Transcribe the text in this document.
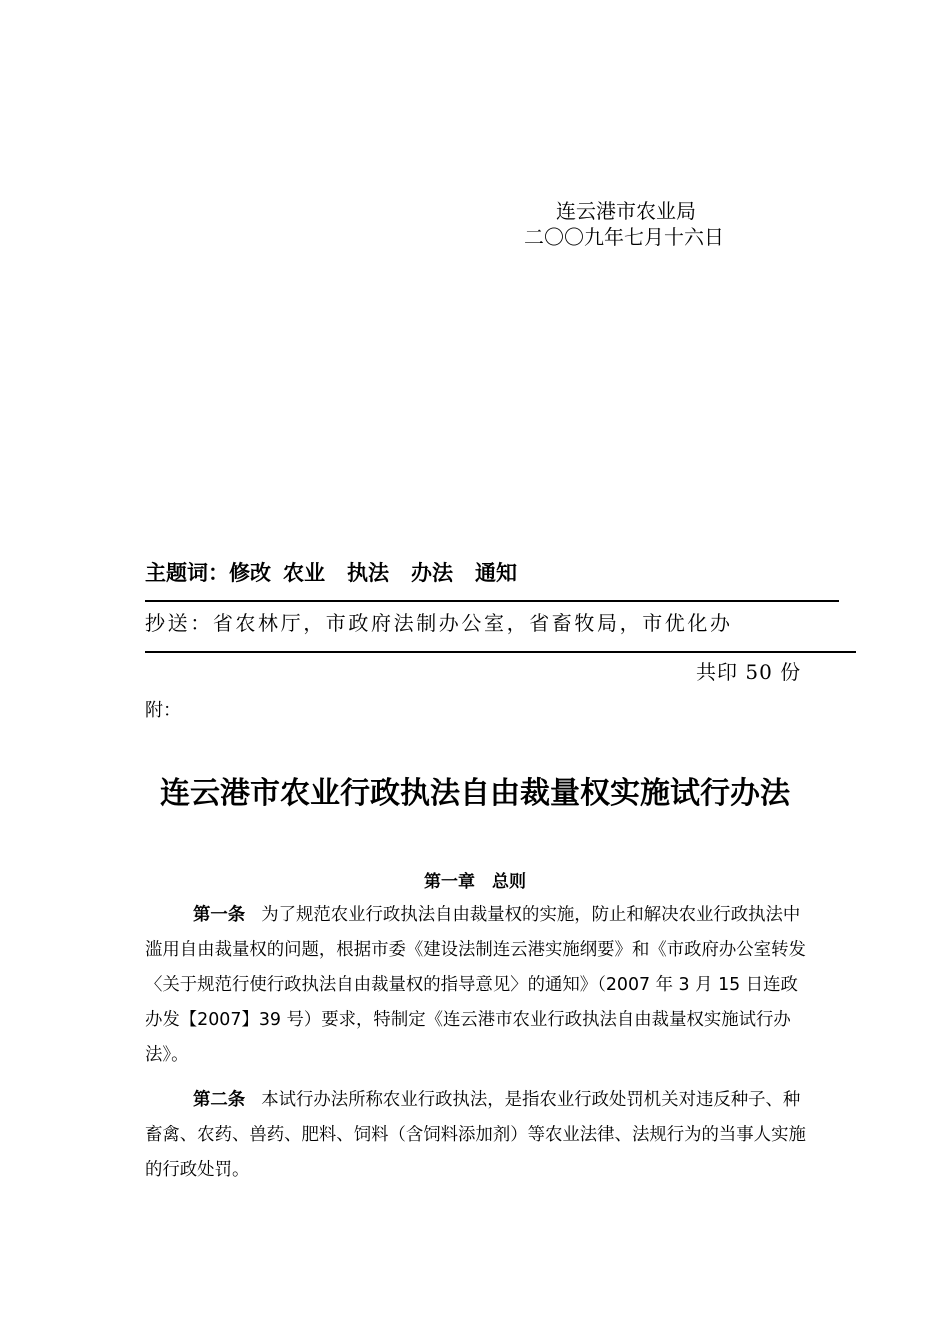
连云港市农业局
二〇〇九年七月十六日
主题词： 修改 农业 执法 办法 通知
抄送： 省农林厅，市政府法制办公室，省畜牧局，市优化办
共印 50 份
附：
连云港市农业行政执法自由裁量权实施试行办法
第一章　总则
第一条 为了规范农业行政执法自由裁量权的实施，防止和解决农业行政执法中滥用自由裁量权的问题，根据市委《建设法制连云港实施纲要》和《市政府办公室转发〈关于规范行使行政执法自由裁量权的指导意见〉的通知》（2007 年 3 月 15 日连政办发【2007】39 号）要求，特制定《连云港市农业行政执法自由裁量权实施试行办法》。
第二条 本试行办法所称农业行政执法，是指农业行政处罚机关对违反种子、种畜禽、农药、兽药、肥料、饲料（含饲料添加剂）等农业法律、法规行为的当事人实施的行政处罚。
